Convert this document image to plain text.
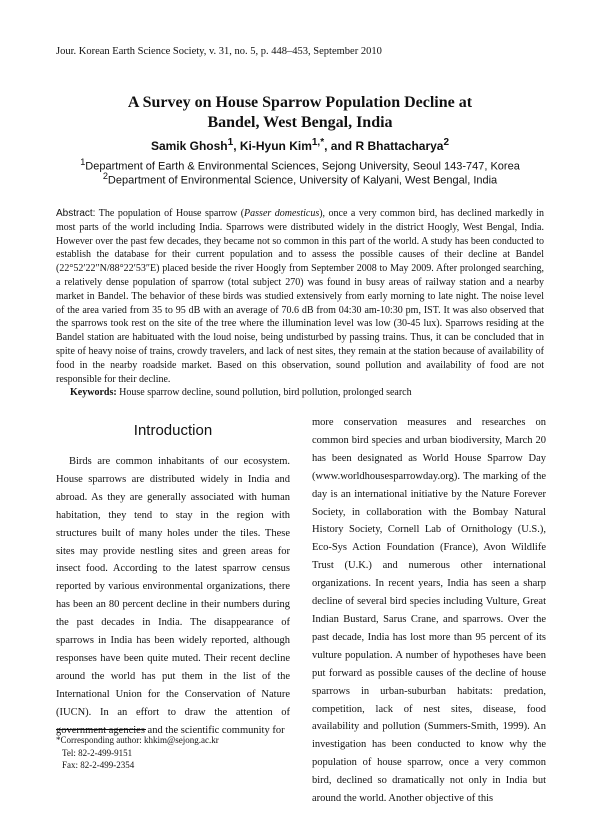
Jour. Korean Earth Science Society, v. 31, no. 5, p. 448–453, September 2010
A Survey on House Sparrow Population Decline at
Bandel, West Bengal, India
Samik Ghosh$^1$, Ki-Hyun Kim$^{1,*}$, and R Bhattacharya$^2$
$^1$Department of Earth & Environmental Sciences, Sejong University, Seoul 143-747, Korea
$^2$Department of Environmental Science, University of Kalyani, West Bengal, India
Abstract: The population of House sparrow (Passer domesticus), once a very common bird, has declined markedly in most parts of the world including India. Sparrows were distributed widely in the district Hoogly, West Bengal, India. However over the past few decades, they became not so common in this part of the world. A study has been conducted to establish the database for their current population and to assess the possible causes of their decline at Bandel (22°52′22″N/88°22′53″E) placed beside the river Hoogly from September 2008 to May 2009. After prolonged searching, a relatively dense population of sparrow (total subject 270) was found in busy areas of railway station and a nearby market in Bandel. The behavior of these birds was studied extensively from early morning to late night. The noise level of the area varied from 35 to 95 dB with an average of 70.6 dB from 04:30 am-10:30 pm, IST. It was also observed that the sparrows took rest on the site of the tree where the illumination level was low (30-45 lux). Sparrows residing at the Bandel station are habituated with the loud noise, being undisturbed by passing trains. Thus, it can be concluded that in spite of heavy noise of trains, crowdy travelers, and lack of nest sites, they remain at the station because of availability of food in the nearby roadside market. Based on this observation, sound pollution and availability of food are not responsible for their decline.
Keywords: House sparrow decline, sound pollution, bird pollution, prolonged search
Introduction
Birds are common inhabitants of our ecosystem. House sparrows are distributed widely in India and abroad. As they are generally associated with human habitation, they tend to stay in the region with structures built of many holes under the tiles. These sites may provide nestling sites and green areas for insect food. According to the latest sparrow census reported by various environmental organizations, there has been an 80 percent decline in their numbers during the past decades in India. The disappearance of sparrows in India has been widely reported, although responses have been quite muted. Their recent decline around the world has put them in the list of the International Union for the Conservation of Nature (IUCN). In an effort to draw the attention of government agencies and the scientific community for
more conservation measures and researches on common bird species and urban biodiversity, March 20 has been designated as World House Sparrow Day (www.worldhousesparrowday.org). The marking of the day is an international initiative by the Nature Forever Society, in collaboration with the Bombay Natural History Society, Cornell Lab of Ornithology (U.S.), Eco-Sys Action Foundation (France), Avon Wildlife Trust (U.K.) and numerous other international organizations. In recent years, India has seen a sharp decline of several bird species including Vulture, Great Indian Bustard, Sarus Crane, and sparrows. Over the past decade, India has lost more than 95 percent of its vulture population. A number of hypotheses have been put forward as possible causes of the decline of house sparrows in urban-suburban habitats: predation, competition, lack of nest sites, disease, food availability and pollution (Summers-Smith, 1999). An investigation has been conducted to know why the population of house sparrow, once a very common bird, declined so dramatically not only in India but around the world. Another objective of this
*Corresponding author: khkim@sejong.ac.kr
Tel: 82-2-499-9151
Fax: 82-2-499-2354
